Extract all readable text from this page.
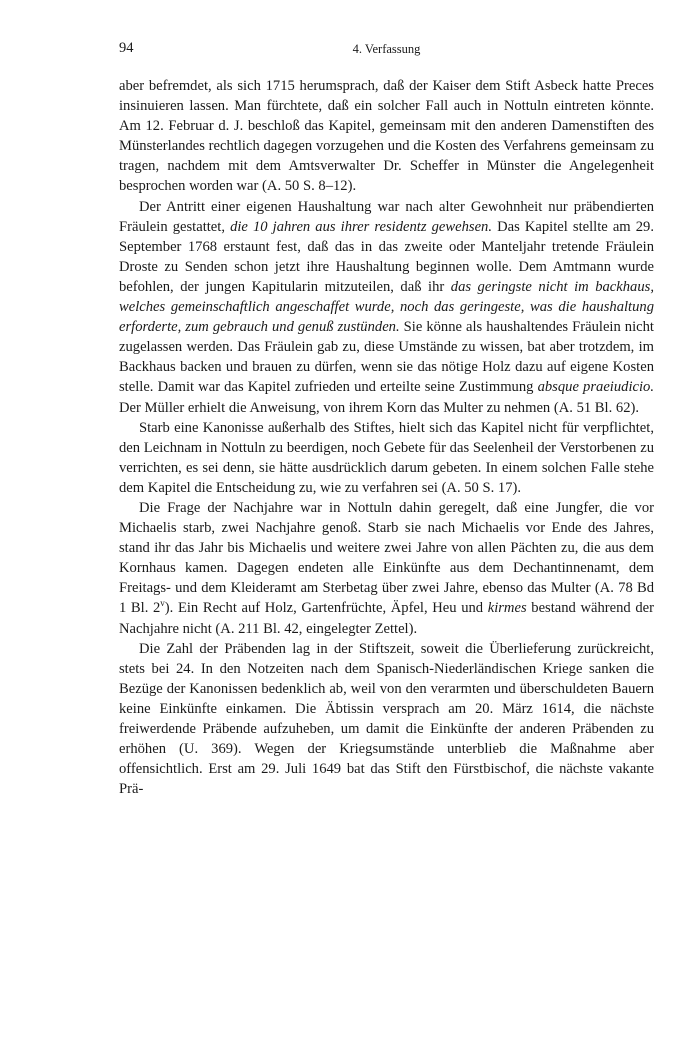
94	4. Verfassung

aber befremdet, als sich 1715 herumsprach, daß der Kaiser dem Stift Asbeck hatte Preces insinuieren lassen. Man fürchtete, daß ein solcher Fall auch in Nottuln eintreten könnte. Am 12. Februar d. J. beschloß das Kapitel, gemeinsam mit den anderen Damenstiften des Münsterlandes rechtlich dagegen vorzugehen und die Kosten des Verfahrens gemeinsam zu tragen, nachdem mit dem Amtsverwalter Dr. Scheffer in Münster die Angelegenheit besprochen worden war (A. 50 S. 8–12).

Der Antritt einer eigenen Haushaltung war nach alter Gewohnheit nur präbendierten Fräulein gestattet, die 10 jahren aus ihrer residentz gewehsen. Das Kapitel stellte am 29. September 1768 erstaunt fest, daß das in das zweite oder Manteljahr tretende Fräulein Droste zu Senden schon jetzt ihre Haushaltung beginnen wolle. Dem Amtmann wurde befohlen, der jungen Kapitularin mitzuteilen, daß ihr das geringste nicht im backhaus, welches gemeinschaftlich angeschaffet wurde, noch das geringeste, was die haushaltung erforderte, zum gebrauch und genuß zustünden. Sie könne als haushaltendes Fräulein nicht zugelassen werden. Das Fräulein gab zu, diese Umstände zu wissen, bat aber trotzdem, im Backhaus backen und brauen zu dürfen, wenn sie das nötige Holz dazu auf eigene Kosten stelle. Damit war das Kapitel zufrieden und erteilte seine Zustimmung absque praeiudicio. Der Müller erhielt die Anweisung, von ihrem Korn das Multer zu nehmen (A. 51 Bl. 62).

Starb eine Kanonisse außerhalb des Stiftes, hielt sich das Kapitel nicht für verpflichtet, den Leichnam in Nottuln zu beerdigen, noch Gebete für das Seelenheil der Verstorbenen zu verrichten, es sei denn, sie hätte ausdrücklich darum gebeten. In einem solchen Falle stehe dem Kapitel die Entscheidung zu, wie zu verfahren sei (A. 50 S. 17).

Die Frage der Nachjahre war in Nottuln dahin geregelt, daß eine Jungfer, die vor Michaelis starb, zwei Nachjahre genoß. Starb sie nach Michaelis vor Ende des Jahres, stand ihr das Jahr bis Michaelis und weitere zwei Jahre von allen Pächten zu, die aus dem Kornhaus kamen. Dagegen endeten alle Einkünfte aus dem Dechantinnenamt, dem Freitags- und dem Kleideramt am Sterbetag über zwei Jahre, ebenso das Multer (A. 78 Bd 1 Bl. 2$^v$). Ein Recht auf Holz, Gartenfrüchte, Äpfel, Heu und kirmes bestand während der Nachjahre nicht (A. 211 Bl. 42, eingelegter Zettel).

Die Zahl der Präbenden lag in der Stiftszeit, soweit die Überlieferung zurückreicht, stets bei 24. In den Notzeiten nach dem Spanisch-Niederländischen Kriege sanken die Bezüge der Kanonissen bedenklich ab, weil von den verarmten und überschuldeten Bauern keine Einkünfte einkamen. Die Äbtissin versprach am 20. März 1614, die nächste freiwerdende Präbende aufzuheben, um damit die Einkünfte der anderen Präbenden zu erhöhen (U. 369). Wegen der Kriegsumstände unterblieb die Maßnahme aber offensichtlich. Erst am 29. Juli 1649 bat das Stift den Fürstbischof, die nächste vakante Prä-
